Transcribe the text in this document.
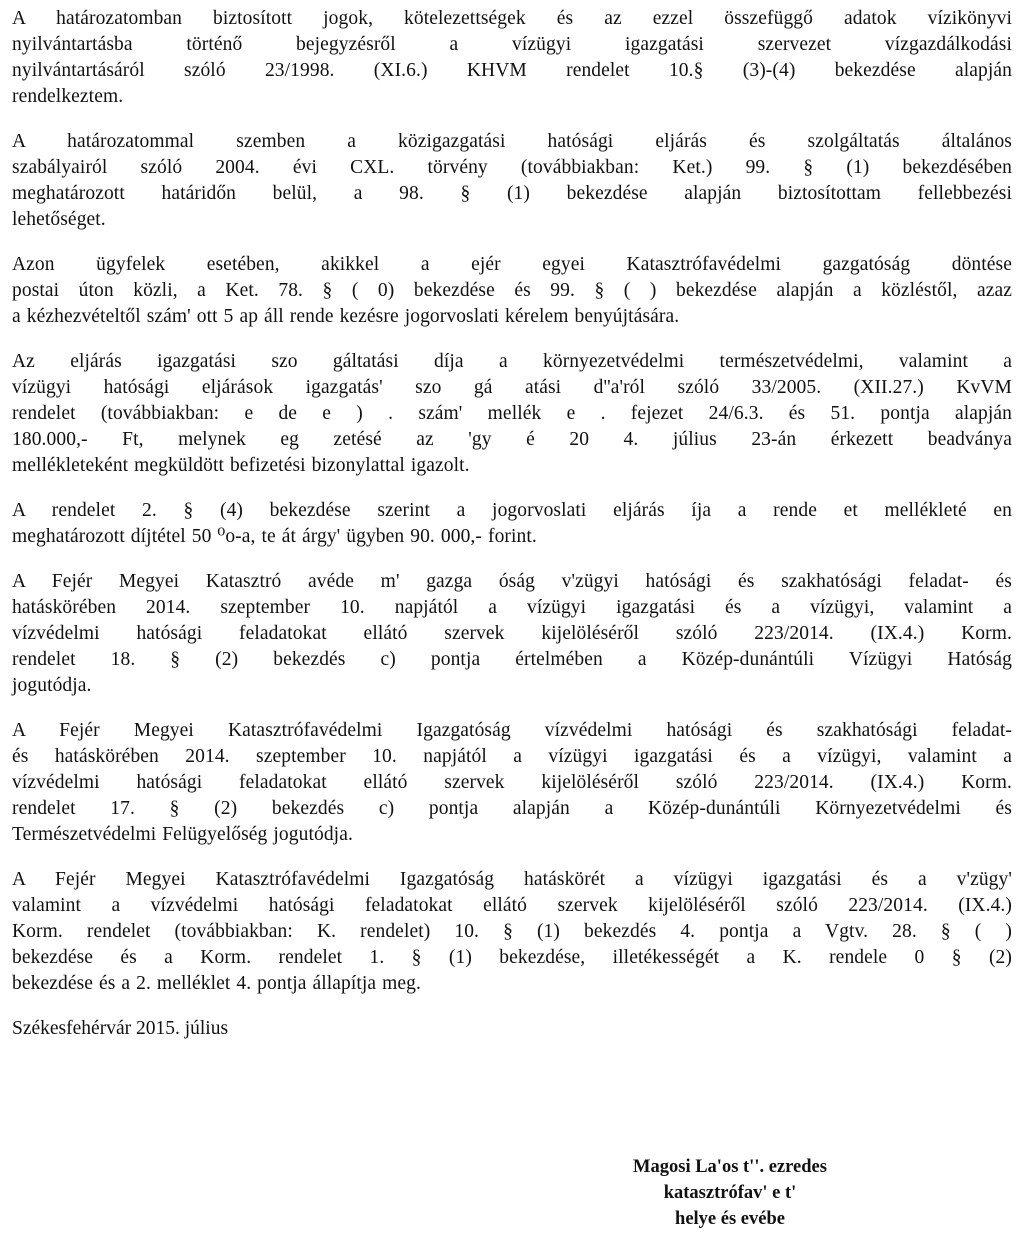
A határozatomban biztosított jogok, kötelezettségek és az ezzel összefüggő adatok vízikönyvi
nyilvántartásba történő bejegyzésről a vízügyi igazgatási szervezet vízgazdálkodási
nyilvántartásáról szóló 23/1998. (XI.6.) KHVM rendelet 10.§ (3)-(4) bekezdése alapján
rendelkeztem.
A határozatommal szemben a közigazgatási hatósági eljárás és szolgáltatás általános
szabályairól szóló 2004. évi CXL. törvény (továbbiakban: Ket.) 99. § (1) bekezdésében
meghatározott határidőn belül, a 98. § (1) bekezdése alapján biztosítottam fellebbezési
lehetőséget.
Azon ügyfelek esetében, akikkel a ejér egyei Katasztrófavédelmi gazgatóság döntése
postai úton közli, a Ket. 78. § ( 0) bekezdése és 99. § ( ) bekezdése alapján a közléstől, azaz
a kézhezvételtől szám' ott 5 ap áll rende kezésre jogorvoslati kérelem benyújtására.
Az eljárás igazgatási szo gáltatási díja a környezetvédelmi természetvédelmi, valamint a
vízügyi hatósági eljárások igazgatás' szo gá atási d''a'ról szóló 33/2005. (XII.27.) KvVM
rendelet (továbbiakban: e de e ) . szám' mellék e . fejezet 24/6.3. és 51. pontja alapján
180.000,- Ft, melynek eg zetésé az 'gy é 20 4. július 23-án érkezett beadványa
mellékleteként megküldött befizetési bizonylattal igazolt.
A rendelet 2. § (4) bekezdése szerint a jogorvoslati eljárás íja a rende et mellékleté en
meghatározott díjtétel 50 ⁰o-a, te át árgy' ügyben 90. 000,- forint.
A Fejér Megyei Katasztró avéde m' gazga óság v'zügyi hatósági és szakhatósági feladat- és
hatáskörében 2014. szeptember 10. napjától a vízügyi igazgatási és a vízügyi, valamint a
vízvédelmi hatósági feladatokat ellátó szervek kijelöléséről szóló 223/2014. (IX.4.) Korm.
rendelet 18. § (2) bekezdés c) pontja értelmében a Közép-dunántúli Vízügyi Hatóság
jogutódja.
A Fejér Megyei Katasztrófavédelmi Igazgatóság vízvédelmi hatósági és szakhatósági feladat-
és hatáskörében 2014. szeptember 10. napjától a vízügyi igazgatási és a vízügyi, valamint a
vízvédelmi hatósági feladatokat ellátó szervek kijelöléséről szóló 223/2014. (IX.4.) Korm.
rendelet 17. § (2) bekezdés c) pontja alapján a Közép-dunántúli Környezetvédelmi és
Természetvédelmi Felügyelőség jogutódja.
A Fejér Megyei Katasztrófavédelmi Igazgatóság hatáskörét a vízügyi igazgatási és a v'zügy'
valamint a vízvédelmi hatósági feladatokat ellátó szervek kijelöléséről szóló 223/2014. (IX.4.)
Korm. rendelet (továbbiakban: K. rendelet) 10. § (1) bekezdés 4. pontja a Vgtv. 28. § ( )
bekezdése és a Korm. rendelet 1. § (1) bekezdése, illetékességét a K. rendele 0 § (2)
bekezdése és a 2. melléklet 4. pontja állapítja meg.
Székesfehérvár 2015. július
Magosi La'os t''. ezredes
katasztrófav' e t'
helye és evébe
